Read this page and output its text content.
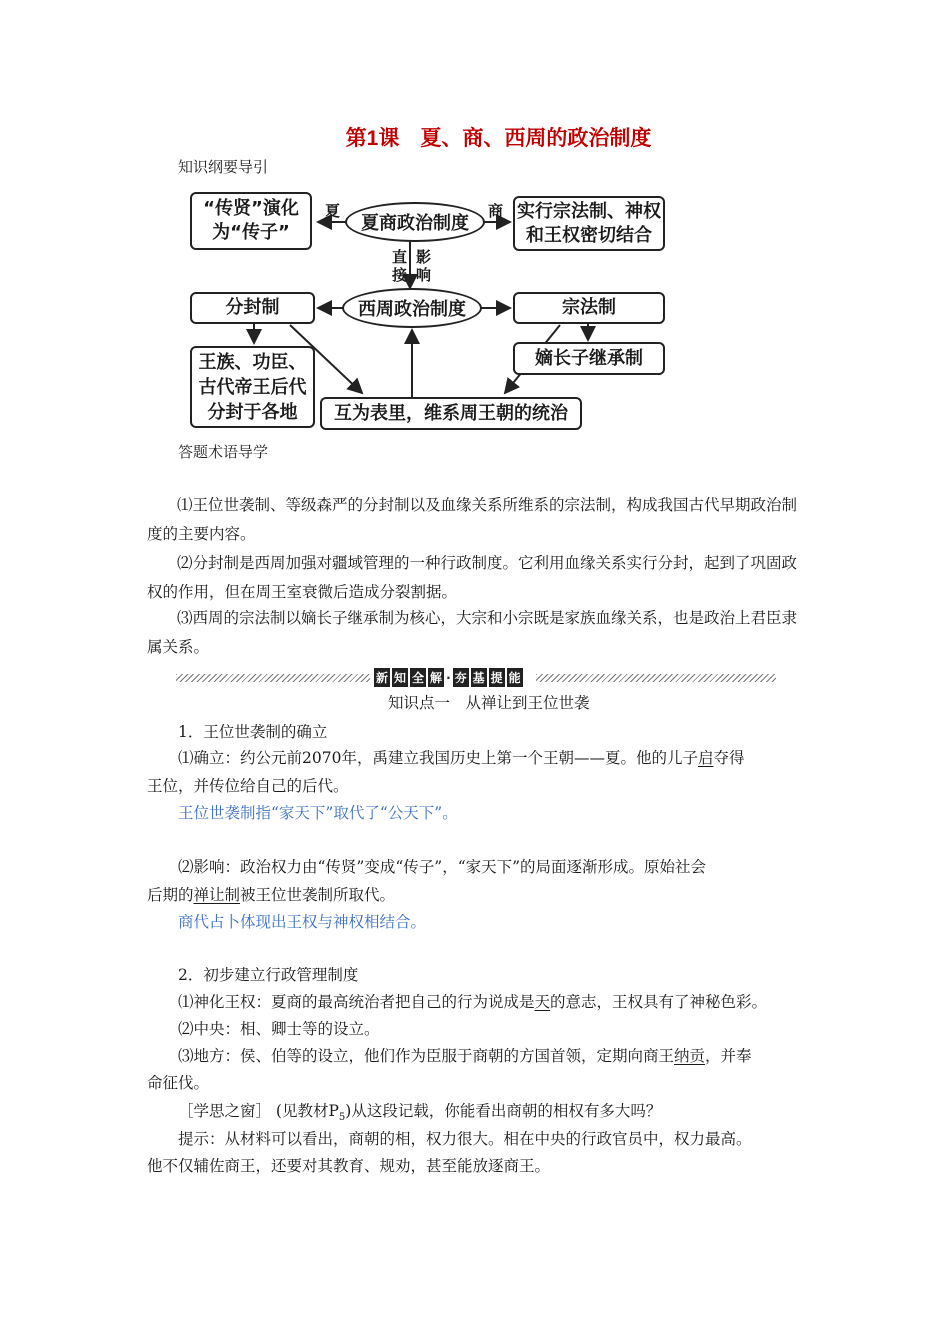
第1课　夏、商、西周的政治制度
知识纲要导引
“传贤”演化为“传子”
夏
夏商政治制度
商 实行宗法制、神权和王权密切结合
直接
影响
分封制	西周政治制度	宗法制
王族、功臣、古代帝王后代分封于各地
嫡长子继承制
互为表里，维系周王朝的统治
答题术语导学
⑴王位世袭制、等级森严的分封制以及血缘关系所维系的宗法制，构成我国古代早期政治制度的主要内容。
⑵分封制是西周加强对疆域管理的一种行政制度。它利用血缘关系实行分封，起到了巩固政权的作用，但在周王室衰微后造成分裂割据。
⑶西周的宗法制以嫡长子继承制为核心，大宗和小宗既是家族血缘关系，也是政治上君臣隶属关系。
新 知 全 解 · 夯 基 提 能
知识点一　从禅让到王位世袭
1．王位世袭制的确立
⑴确立：约公元前2070年，禹建立我国历史上第一个王朝——夏。他的儿子启夺得
王位，并传位给自己的后代。
王位世袭制指“家天下”取代了“公天下”。
⑵影响：政治权力由“传贤”变成“传子”，“家天下”的局面逐渐形成。原始社会
后期的禅让制被王位世袭制所取代。
商代占卜体现出王权与神权相结合。
2．初步建立行政管理制度
⑴神化王权：夏商的最高统治者把自己的行为说成是天的意志，王权具有了神秘色彩。
⑵中央：相、卿士等的设立。
⑶地方：侯、伯等的设立，他们作为臣服于商朝的方国首领，定期向商王纳贡，并奉
命征伐。
［学思之窗］ (见教材$P_5$)从这段记载，你能看出商朝的相权有多大吗？
提示：从材料可以看出，商朝的相，权力很大。相在中央的行政官员中，权力最高。
他不仅辅佐商王，还要对其教育、规劝，甚至能放逐商王。
